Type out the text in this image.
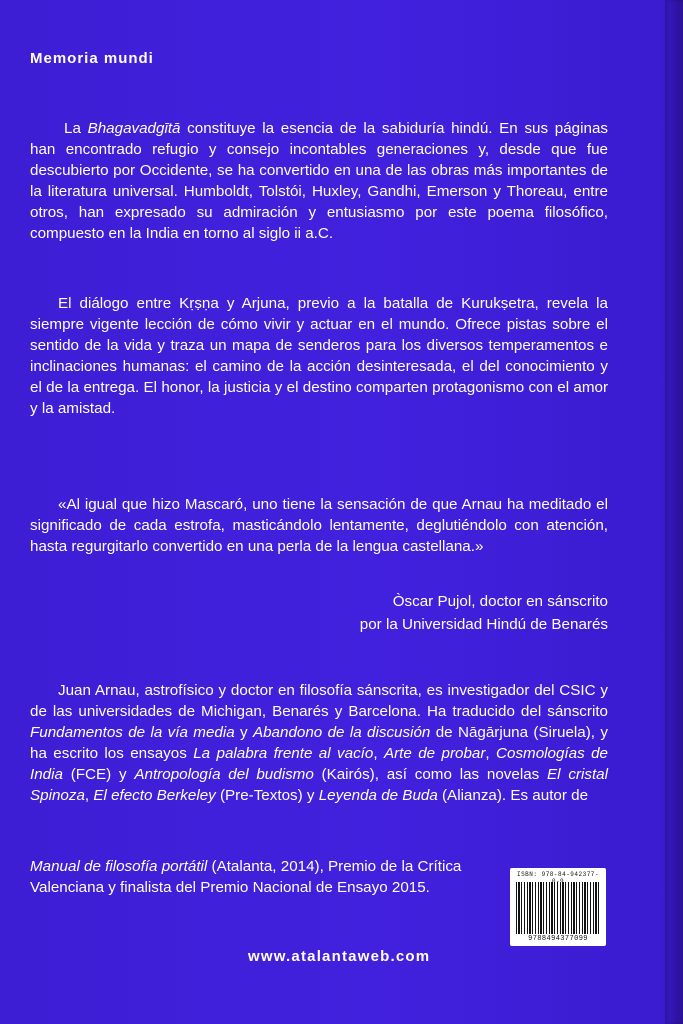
Memoria mundi
La Bhagavadgītā constituye la esencia de la sabiduría hindú. En sus páginas han encontrado refugio y consejo incontables generaciones y, desde que fue descubierto por Occidente, se ha convertido en una de las obras más importantes de la literatura universal. Humboldt, Tolstói, Huxley, Gandhi, Emerson y Thoreau, entre otros, han expresado su admiración y entusiasmo por este poema filosófico, compuesto en la India en torno al siglo ii a.C.
El diálogo entre Kṛṣṇa y Arjuna, previo a la batalla de Kurukṣetra, revela la siempre vigente lección de cómo vivir y actuar en el mundo. Ofrece pistas sobre el sentido de la vida y traza un mapa de senderos para los diversos temperamentos e inclinaciones humanas: el camino de la acción desinteresada, el del conocimiento y el de la entrega. El honor, la justicia y el destino comparten protagonismo con el amor y la amistad.
«Al igual que hizo Mascaró, uno tiene la sensación de que Arnau ha meditado el significado de cada estrofa, masticándolo lentamente, deglutiéndolo con atención, hasta regurgitarlo convertido en una perla de la lengua castellana.»
Òscar Pujol, doctor en sánscrito
por la Universidad Hindú de Benarés
Juan Arnau, astrofísico y doctor en filosofía sánscrita, es investigador del CSIC y de las universidades de Michigan, Benarés y Barcelona. Ha traducido del sánscrito Fundamentos de la vía media y Abandono de la discusión de Nāgārjuna (Siruela), y ha escrito los ensayos La palabra frente al vacío, Arte de probar, Cosmologías de India (FCE) y Antropología del budismo (Kairós), así como las novelas El cristal Spinoza, El efecto Berkeley (Pre-Textos) y Leyenda de Buda (Alianza). Es autor de
Manual de filosofía portátil (Atalanta, 2014), Premio de la Crítica Valenciana y finalista del Premio Nacional de Ensayo 2015.
ISBN: 978-84-942377-
9788494377099
www.atalantaweb.com
